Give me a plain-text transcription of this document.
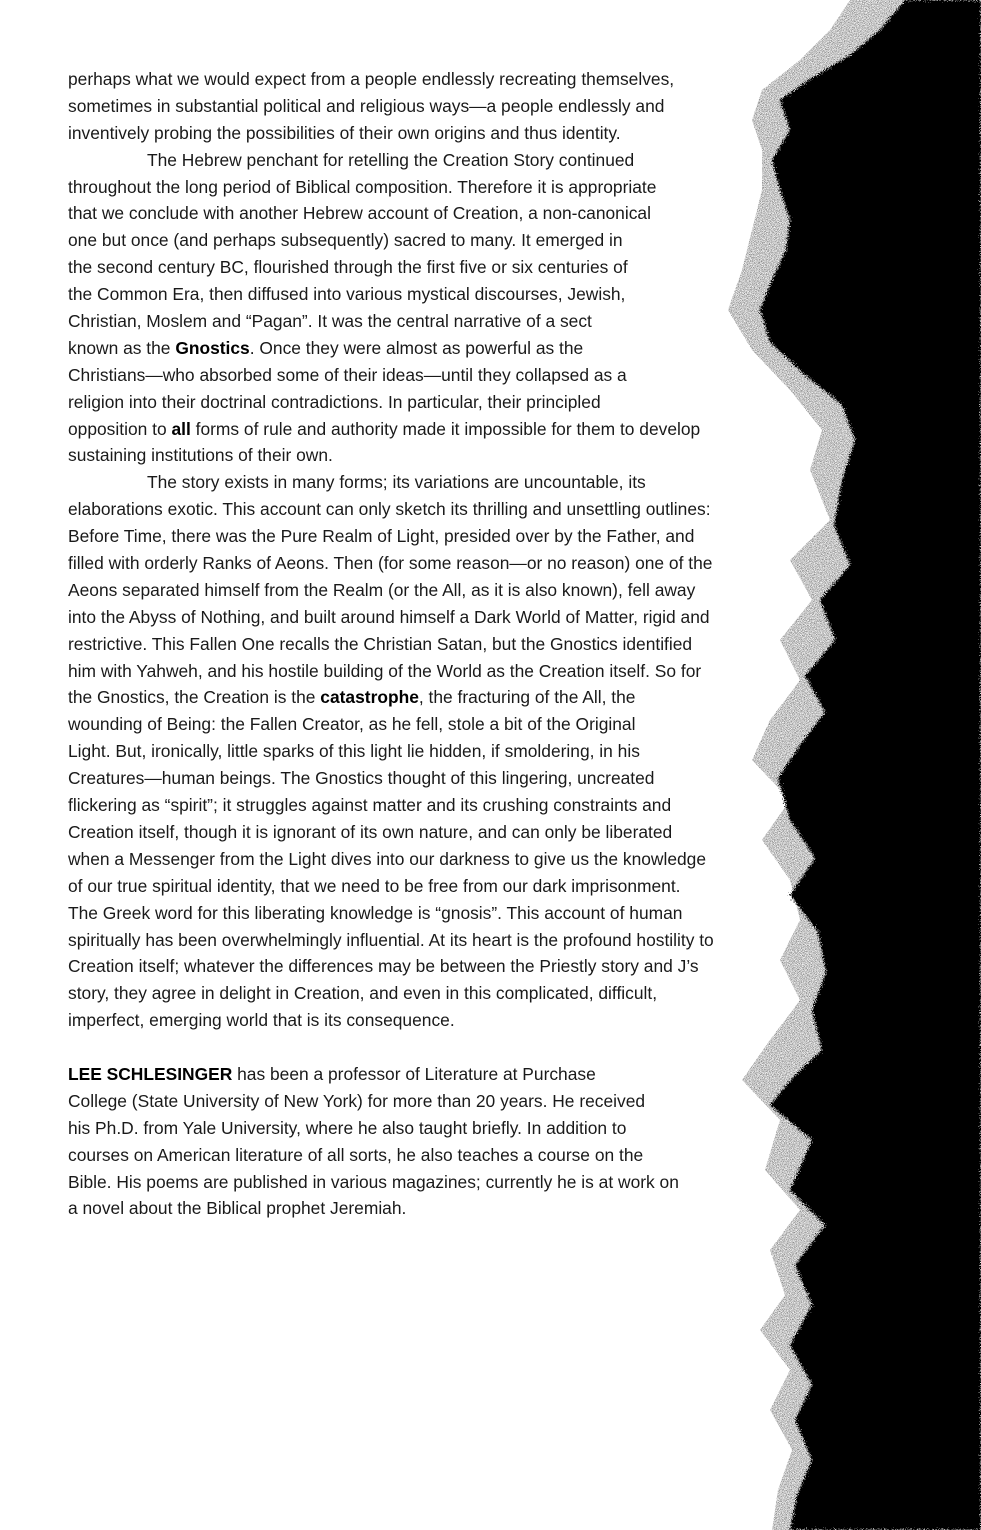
perhaps what we would expect from a people endlessly recreating themselves,
sometimes in substantial political and religious ways—a people endlessly and
inventively probing the possibilities of their own origins and thus identity.
The Hebrew penchant for retelling the Creation Story continued
throughout the long period of Biblical composition. Therefore it is appropriate
that we conclude with another Hebrew account of Creation, a non-canonical
one but once (and perhaps subsequently) sacred to many. It emerged in
the second century BC, flourished through the first five or six centuries of
the Common Era, then diffused into various mystical discourses, Jewish,
Christian, Moslem and “Pagan”. It was the central narrative of a sect
known as the Gnostics. Once they were almost as powerful as the
Christians—who absorbed some of their ideas—until they collapsed as a
religion into their doctrinal contradictions. In particular, their principled
opposition to all forms of rule and authority made it impossible for them to develop
sustaining institutions of their own.
The story exists in many forms; its variations are uncountable, its
elaborations exotic. This account can only sketch its thrilling and unsettling outlines:
Before Time, there was the Pure Realm of Light, presided over by the Father, and
filled with orderly Ranks of Aeons. Then (for some reason—or no reason) one of the
Aeons separated himself from the Realm (or the All, as it is also known), fell away
into the Abyss of Nothing, and built around himself a Dark World of Matter, rigid and
restrictive. This Fallen One recalls the Christian Satan, but the Gnostics identified
him with Yahweh, and his hostile building of the World as the Creation itself. So for
the Gnostics, the Creation is the catastrophe, the fracturing of the All, the
wounding of Being: the Fallen Creator, as he fell, stole a bit of the Original
Light. But, ironically, little sparks of this light lie hidden, if smoldering, in his
Creatures—human beings. The Gnostics thought of this lingering, uncreated
flickering as “spirit”; it struggles against matter and its crushing constraints and
Creation itself, though it is ignorant of its own nature, and can only be liberated
when a Messenger from the Light dives into our darkness to give us the knowledge
of our true spiritual identity, that we need to be free from our dark imprisonment.
The Greek word for this liberating knowledge is “gnosis”. This account of human
spiritually has been overwhelmingly influential. At its heart is the profound hostility to
Creation itself; whatever the differences may be between the Priestly story and J’s
story, they agree in delight in Creation, and even in this complicated, difficult,
imperfect, emerging world that is its consequence.
LEE SCHLESINGER has been a professor of Literature at Purchase
College (State University of New York) for more than 20 years. He received
his Ph.D. from Yale University, where he also taught briefly. In addition to
courses on American literature of all sorts, he also teaches a course on the
Bible. His poems are published in various magazines; currently he is at work on
a novel about the Biblical prophet Jeremiah.
